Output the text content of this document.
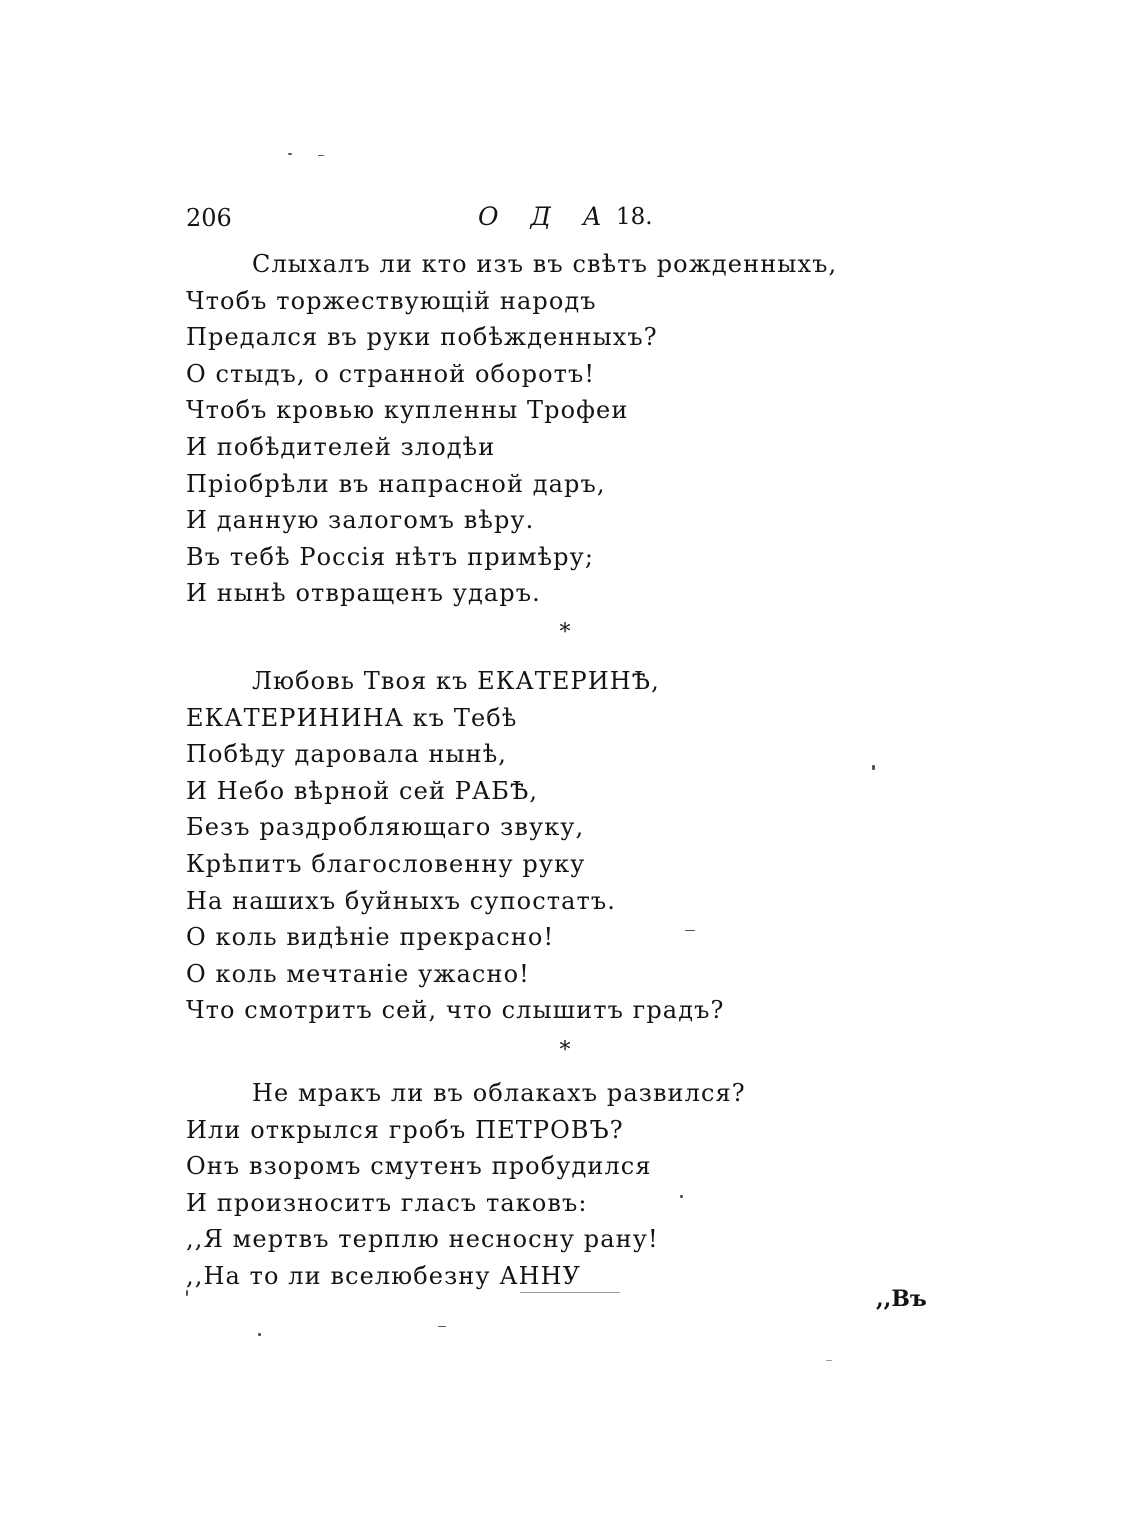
206	О Д А 18.
Слыхалъ ли кто изъ въ свѣтъ рожденныхъ,
Чтобъ торжествующій народъ
Предался въ руки побѣжденныхъ?
О стыдъ, о странной оборотъ!
Чтобъ кровью купленны Трофеи
И побѣдителей злодѣи
Пріобрѣли въ напрасной даръ,
И данную залогомъ вѣру.
Въ тебѣ Россія нѣтъ примѣру;
И нынѣ отвращенъ ударъ.
*
Любовь Твоя къ ЕКАТЕРИНѢ,
ЕКАТЕРИНИНА къ Тебѣ
Побѣду даровала нынѣ,
И Небо вѣрной сей РАБѢ,
Безъ раздробляющаго звуку,
Крѣпитъ благословенну руку
На нашихъ буйныхъ супостатъ.
О коль видѣніе прекрасно!
О коль мечтаніе ужасно!
Что смотритъ сей, что слышитъ градъ?
*
Не мракъ ли въ облакахъ развился?
Или открылся гробъ ПЕТРОВЪ?
Онъ взоромъ смутенъ пробудился
И произноситъ гласъ таковъ:
,,Я мертвъ терплю несносну рану!
,,На то ли вселюбезну АННУ
,,Въ
